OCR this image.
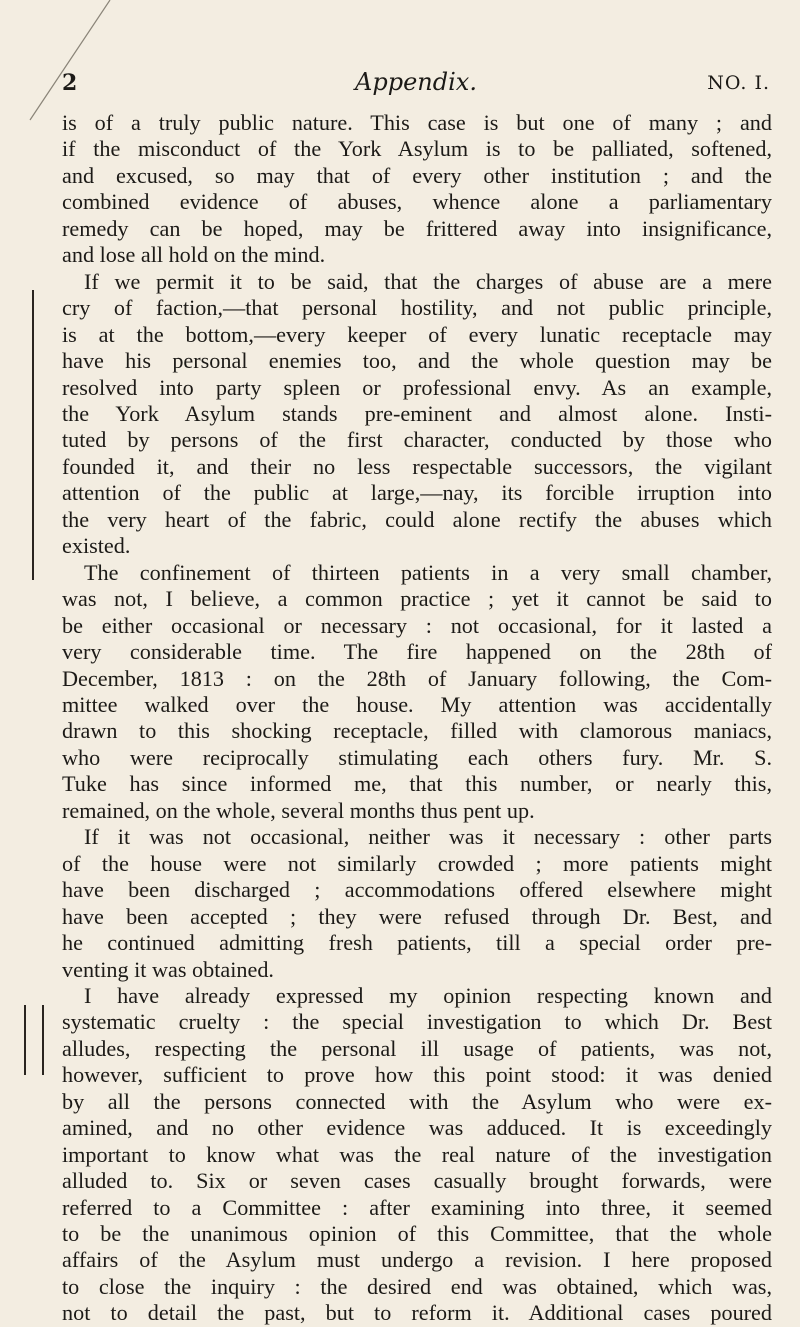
2	Appendix.	NO. I.
is of a truly public nature. This case is but one of many ; and
if the misconduct of the York Asylum is to be palliated, softened,
and excused, so may that of every other institution ; and the
combined evidence of abuses, whence alone a parliamentary
remedy can be hoped, may be frittered away into insignificance,
and lose all hold on the mind.
If we permit it to be said, that the charges of abuse are a mere
cry of faction,—that personal hostility, and not public principle,
is at the bottom,—every keeper of every lunatic receptacle may
have his personal enemies too, and the whole question may be
resolved into party spleen or professional envy. As an example,
the York Asylum stands pre-eminent and almost alone. Insti-
tuted by persons of the first character, conducted by those who
founded it, and their no less respectable successors, the vigilant
attention of the public at large,—nay, its forcible irruption into
the very heart of the fabric, could alone rectify the abuses which
existed.
The confinement of thirteen patients in a very small chamber,
was not, I believe, a common practice ; yet it cannot be said to
be either occasional or necessary : not occasional, for it lasted a
very considerable time. The fire happened on the 28th of
December, 1813 : on the 28th of January following, the Com-
mittee walked over the house. My attention was accidentally
drawn to this shocking receptacle, filled with clamorous maniacs,
who were reciprocally stimulating each others fury. Mr. S.
Tuke has since informed me, that this number, or nearly this,
remained, on the whole, several months thus pent up.
If it was not occasional, neither was it necessary : other parts
of the house were not similarly crowded ; more patients might
have been discharged ; accommodations offered elsewhere might
have been accepted ; they were refused through Dr. Best, and
he continued admitting fresh patients, till a special order pre-
venting it was obtained.
I have already expressed my opinion respecting known and
systematic cruelty : the special investigation to which Dr. Best
alludes, respecting the personal ill usage of patients, was not,
however, sufficient to prove how this point stood: it was denied
by all the persons connected with the Asylum who were ex-
amined, and no other evidence was adduced. It is exceedingly
important to know what was the real nature of the investigation
alluded to. Six or seven cases casually brought forwards, were
referred to a Committee : after examining into three, it seemed
to be the unanimous opinion of this Committee, that the whole
affairs of the Asylum must undergo a revision. I here proposed
to close the inquiry : the desired end was obtained, which was,
not to detail the past, but to reform it. Additional cases poured
